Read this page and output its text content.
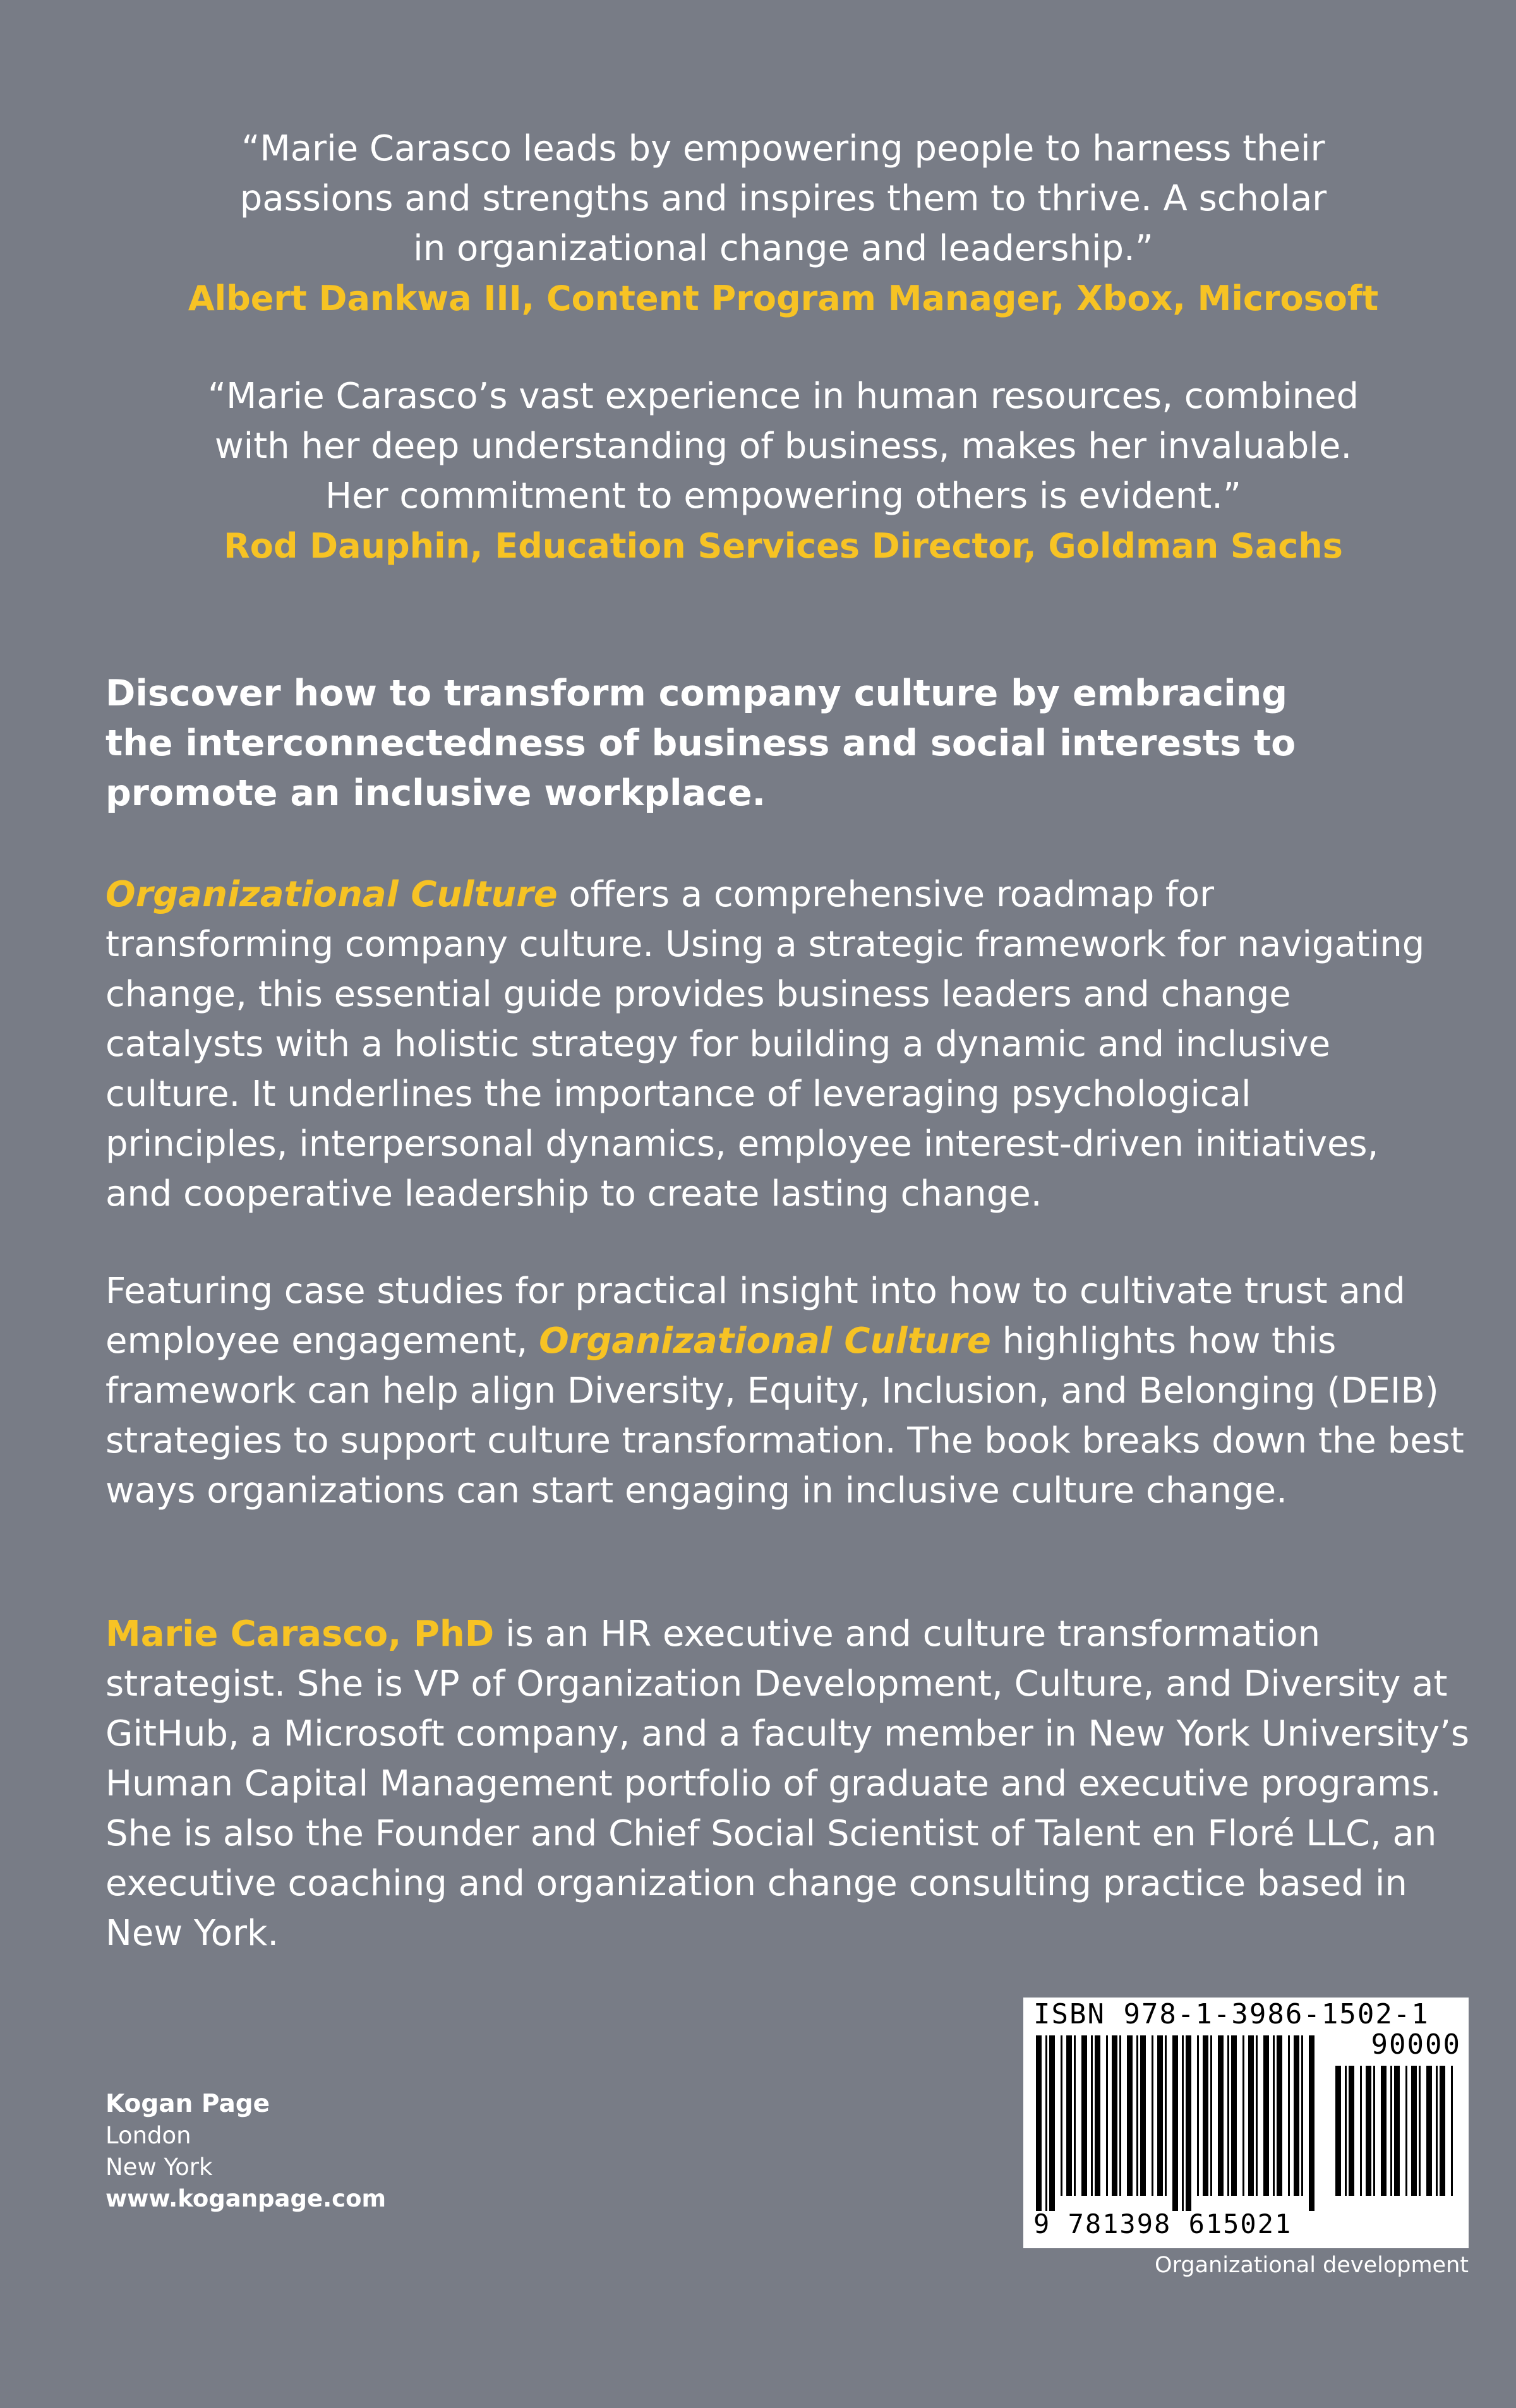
“Marie Carasco leads by empowering people to harness their
passions and strengths and inspires them to thrive. A scholar
in organizational change and leadership.”
Albert Dankwa III, Content Program Manager, Xbox, Microsoft
“Marie Carasco’s vast experience in human resources, combined
with her deep understanding of business, makes her invaluable.
Her commitment to empowering others is evident.”
Rod Dauphin, Education Services Director, Goldman Sachs
Discover how to transform company culture by embracing the interconnectedness of business and social interests to promote an inclusive workplace.
Organizational Culture offers a comprehensive roadmap for transforming company culture. Using a strategic framework for navigating change, this essential guide provides business leaders and change catalysts with a holistic strategy for building a dynamic and inclusive culture. It underlines the importance of leveraging psychological principles, interpersonal dynamics, employee interest-driven initiatives, and cooperative leadership to create lasting change.
Featuring case studies for practical insight into how to cultivate trust and employee engagement, Organizational Culture highlights how this framework can help align Diversity, Equity, Inclusion, and Belonging (DEIB) strategies to support culture transformation. The book breaks down the best ways organizations can start engaging in inclusive culture change.
Marie Carasco, PhD is an HR executive and culture transformation strategist. She is VP of Organization Development, Culture, and Diversity at GitHub, a Microsoft company, and a faculty member in New York University’s Human Capital Management portfolio of graduate and executive programs. She is also the Founder and Chief Social Scientist of Talent en Floré LLC, an executive coaching and organization change consulting practice based in New York.
Kogan Page
London
New York
www.koganpage.com
ISBN 978-1-3986-1502-1
90000
9 781398 615021
Organizational development
